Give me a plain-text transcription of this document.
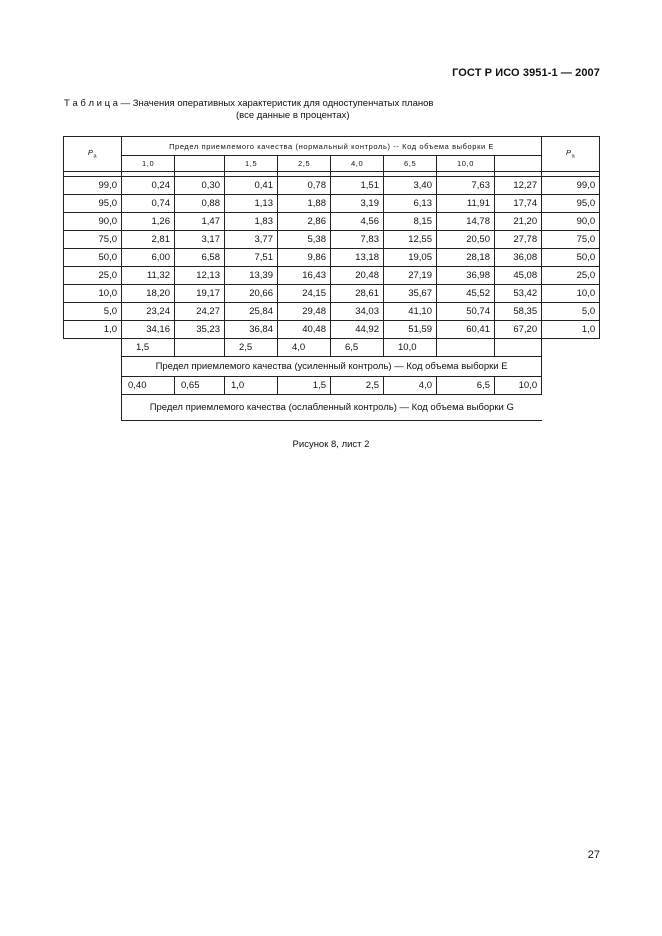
ГОСТ Р ИСО 3951-1 — 2007
Т а б л и ц а — Значения оперативных характеристик для одноступенчатых планов
(все данные в процентах)
$P_a$	Предел приемлемого качества (нормальный контроль) -- Код объема выборки Е								$P_a$
	1,0		1,5	2,5	4,0	6,5	10,0		

99,0	0,24	0,30	0,41	0,78	1,51	3,40	7,63	12,27	99,0
95,0	0,74	0,88	1,13	1,88	3,19	6,13	11,91	17,74	95,0
90,0	1,26	1,47	1,83	2,86	4,56	8,15	14,78	21,20	90,0
75,0	2,81	3,17	3,77	5,38	7,83	12,55	20,50	27,78	75,0
50,0	6,00	6,58	7,51	9,86	13,18	19,05	28,18	36,08	50,0
25,0	11,32	12,13	13,39	16,43	20,48	27,19	36,98	45,08	25,0
10,0	18,20	19,17	20,66	24,15	28,61	35,67	45,52	53,42	10,0
5,0	23,24	24,27	25,84	29,48	34,03	41,10	50,74	58,35	5,0
1,0	34,16	35,23	36,84	40,48	44,92	51,59	60,41	67,20	1,0
	1,5		2,5	4,0	6,5	10,0			
	Предел приемлемого качества (усиленный контроль) — Код объема выборки Е								
	0,40	0,65	1,0	1,5	2,5	4,0	6,5	10,0	
	Предел приемлемого качества (ослабленный контроль) — Код объема выборки G								
Рисунок 8, лист 2
27
